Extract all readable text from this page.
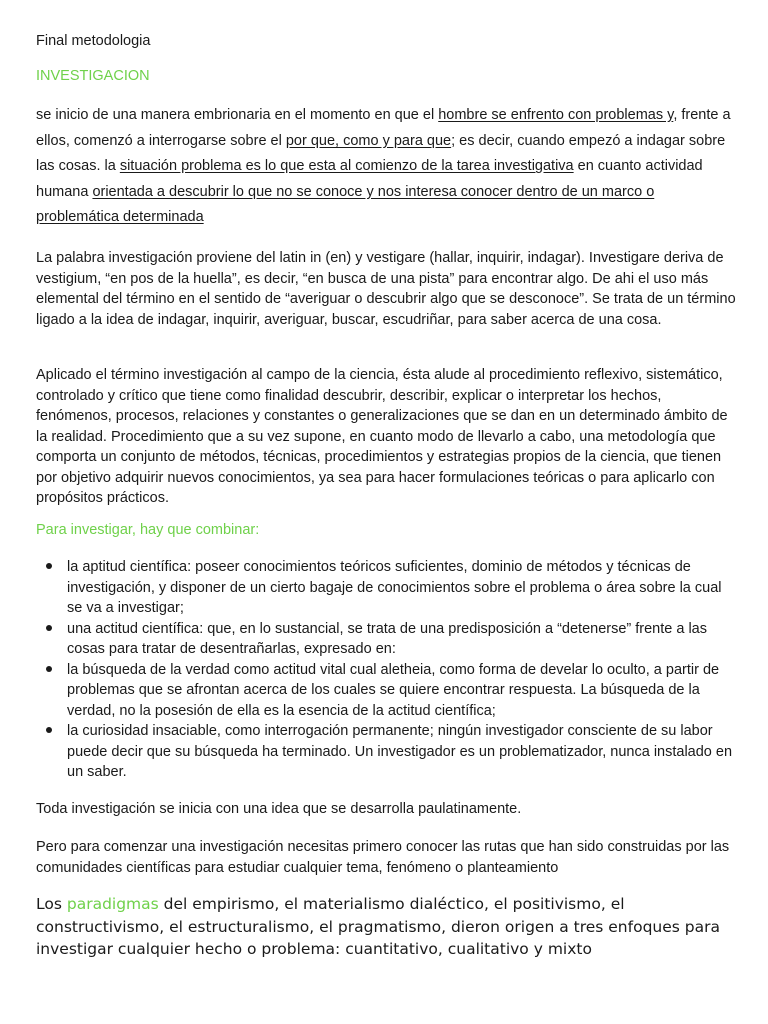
Final metodologia

INVESTIGACION

se inicio de una manera embrionaria en el momento en que el hombre se enfrento con problemas y, frente a ellos, comenzó a interrogarse sobre el por que, como y para que; es decir, cuando empezó a indagar sobre las cosas. la situación problema es lo que esta al comienzo de la tarea investigativa en cuanto actividad humana orientada a descubrir lo que no se conoce y nos interesa conocer dentro de un marco o problemática determinada

La palabra investigación proviene del latin in (en) y vestigare (hallar, inquirir, indagar). Investigare deriva de vestigium, “en pos de la huella”, es decir, “en busca de una pista” para encontrar algo. De ahi el uso más elemental del término en el sentido de “averiguar o descubrir algo que se desconoce”. Se trata de un término ligado a la idea de indagar, inquirir, averiguar, buscar, escudriñar, para saber acerca de una cosa.

Aplicado el término investigación al campo de la ciencia, ésta alude al procedimiento reflexivo, sistemático, controlado y crítico que tiene como finalidad descubrir, describir, explicar o interpretar los hechos, fenómenos, procesos, relaciones y constantes o generalizaciones que se dan en un determinado ámbito de la realidad. Procedimiento que a su vez supone, en cuanto modo de llevarlo a cabo, una metodología que comporta un conjunto de métodos, técnicas, procedimientos y estrategias propios de la ciencia, que tienen por objetivo adquirir nuevos conocimientos, ya sea para hacer formulaciones teóricas o para aplicarlo con propósitos prácticos.

Para investigar, hay que combinar:

la aptitud científica: poseer conocimientos teóricos suficientes, dominio de métodos y técnicas de investigación, y disponer de un cierto bagaje de conocimientos sobre el problema o área sobre la cual se va a investigar;
una actitud científica: que, en lo sustancial, se trata de una predisposición a “detenerse” frente a las cosas para tratar de desentrañarlas, expresado en:
la búsqueda de la verdad como actitud vital cual aletheia, como forma de develar lo oculto, a partir de problemas que se afrontan acerca de los cuales se quiere encontrar respuesta. La búsqueda de la verdad, no la posesión de ella es la esencia de la actitud científica;
la curiosidad insaciable, como interrogación permanente; ningún investigador consciente de su labor puede decir que su búsqueda ha terminado. Un investigador es un problematizador, nunca instalado en un saber.

Toda investigación se inicia con una idea que se desarrolla paulatinamente.

Pero para comenzar una investigación necesitas primero conocer las rutas que han sido construidas por las comunidades científicas para estudiar cualquier tema, fenómeno o planteamiento

Los paradigmas del empirismo, el materialismo dialéctico, el positivismo, el constructivismo, el estructuralismo, el pragmatismo, dieron origen a tres enfoques para investigar cualquier hecho o problema: cuantitativo, cualitativo y mixto
